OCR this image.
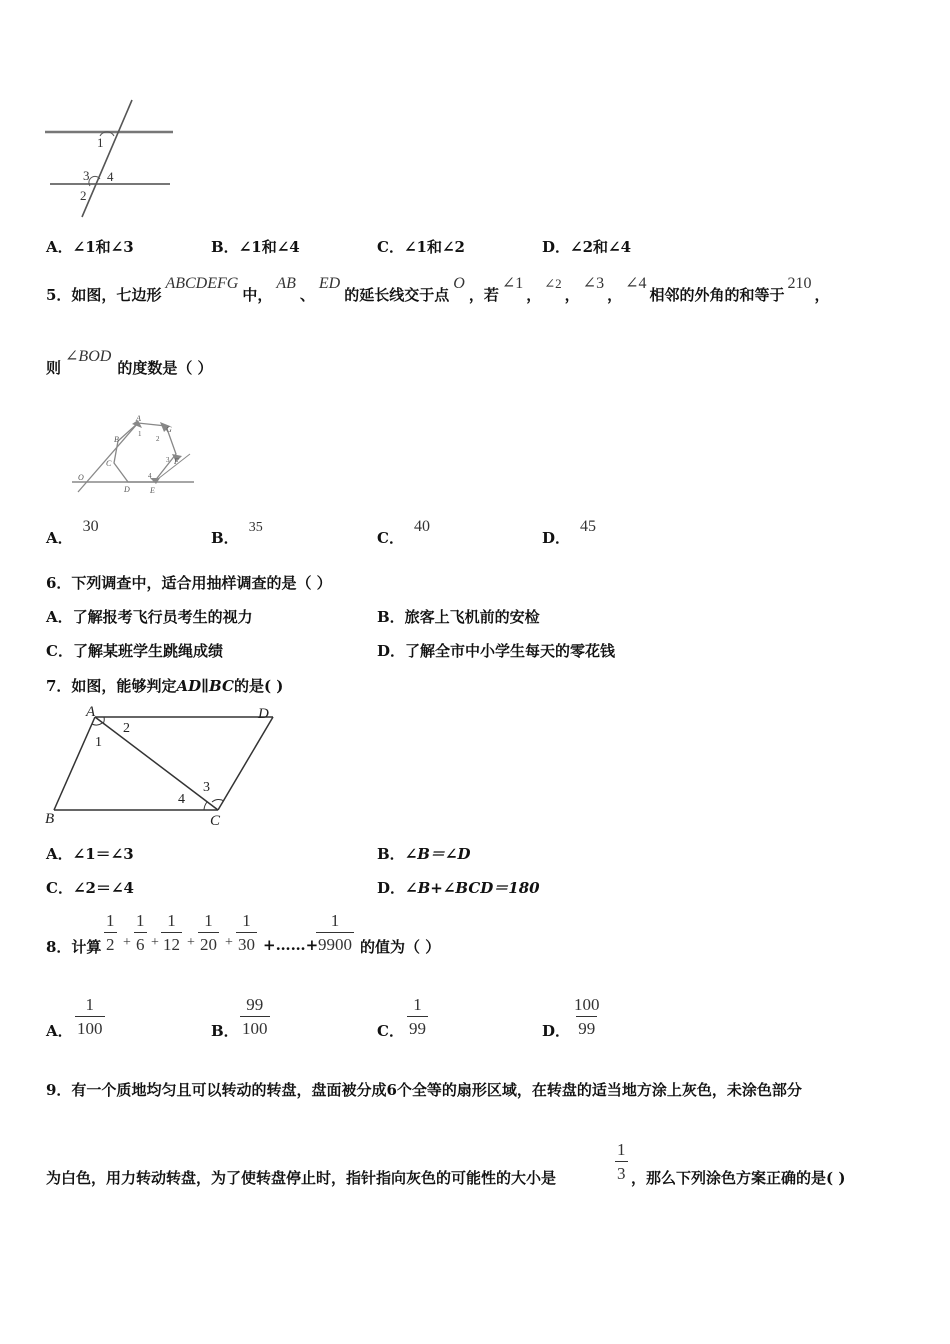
1
3 4
2
A．∠1和∠3	B．∠1和∠4	C．∠1和∠2	D．∠2和∠4
5．如图，七边形ABCDEFG中，AB、ED的延长线交于点O，若∠1，∠2，∠3，∠4相邻的外角的和等于210，
则∠BOD的度数是（ ）
A
G
B
C	F
O
D	E
1
2
3
4
A．30
B．35
C．40
D．45
6．下列调查中，适合用抽样调查的是（ ）
A．了解报考飞行员考生的视力	B．旅客上飞机前的安检
C．了解某班学生跳绳成绩	D．了解全市中小学生每天的零花钱
7．如图，能够判定AD∥BC的是( )
A	D
B	C
1
2
3
4
A．∠1＝∠3	B．∠B＝∠D
C．∠2＝∠4	D．∠B+∠BCD＝180
8．计算 $\frac{1}{2} + \frac{1}{6} + \frac{1}{12} + \frac{1}{20} + \frac{1}{30}$ +……+
$\frac{1}{9900}$ 的值为（ ）
A． $\frac{1}{100}$	B． $\frac{99}{100}$	C． $\frac{1}{99}$	D． $\frac{100}{99}$
9．有一个质地均匀且可以转动的转盘，盘面被分成6个全等的扇形区域，在转盘的适当地方涂上灰色，未涂色部分
为白色，用力转动转盘，为了使转盘停止时，指针指向灰色的可能性的大小是	$\frac{1}{3}$ ，那么下列涂色方案正确的是( )
